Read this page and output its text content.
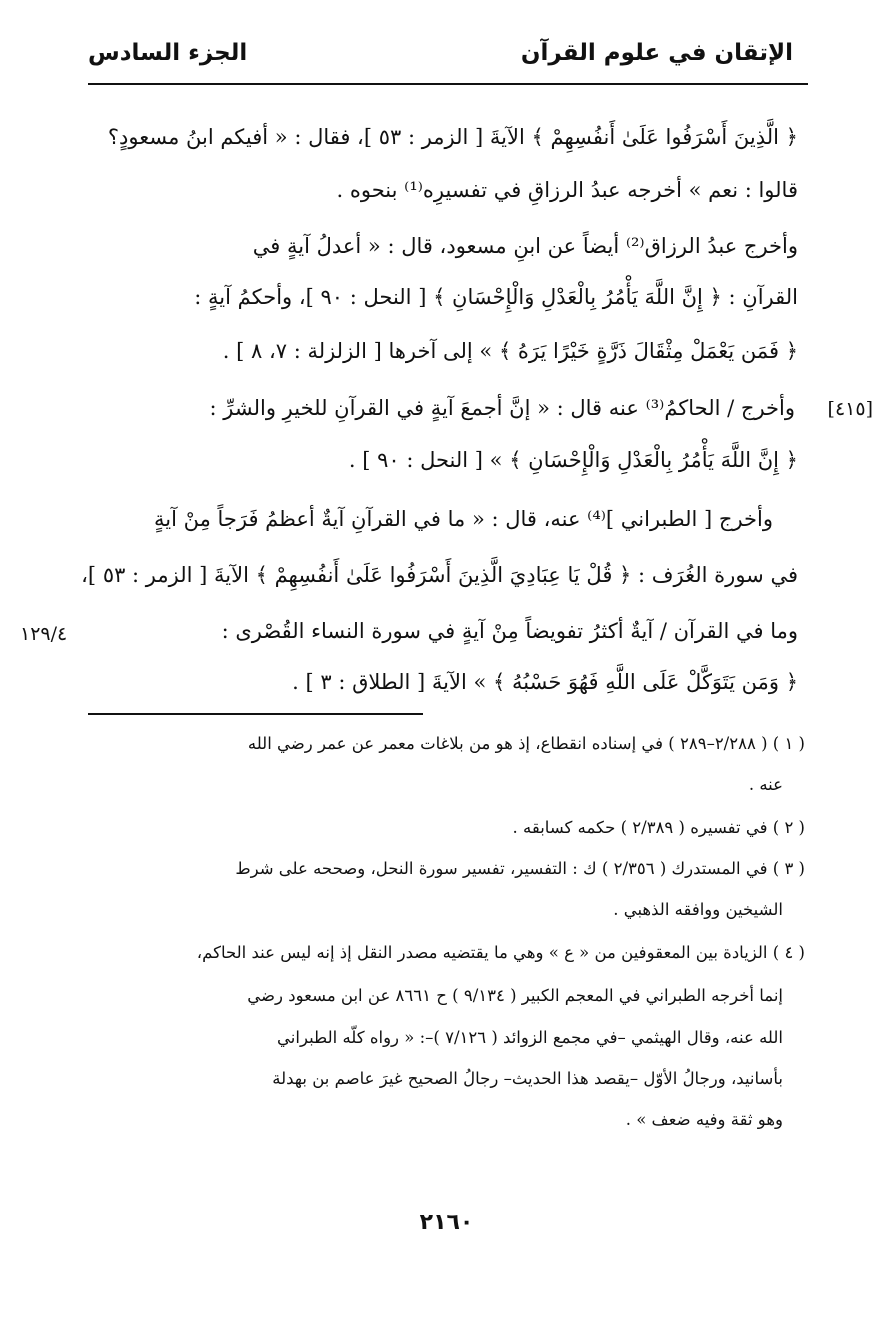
الإتقان في علوم القرآن
الجزء السادس
﴿ الَّذِينَ أَسْرَفُوا عَلَىٰ أَنفُسِهِمْ ﴾ الآيةَ [ الزمر : ٥٣ ]، فقال : « أفيكم ابنُ مسعودٍ؟
قالوا : نعم » أخرجه عبدُ الرزاقِ في تفسيرِه⁽¹⁾ بنحوه .
وأخرج عبدُ الرزاق⁽²⁾ أيضاً عن ابنِ مسعود، قال : « أعدلُ آيةٍ في
القرآنِ : ﴿ إِنَّ اللَّهَ يَأْمُرُ بِالْعَدْلِ وَالْإِحْسَانِ ﴾ [ النحل : ٩٠ ]، وأحكمُ آيةٍ :
﴿ فَمَن يَعْمَلْ مِثْقَالَ ذَرَّةٍ خَيْرًا يَرَهُ ﴾ » إلى آخرها [ الزلزلة : ٧، ٨ ] .
وأخرج / الحاكمُ⁽³⁾ عنه قال : « إنَّ أجمعَ آيةٍ في القرآنِ للخيرِ والشرِّ :
﴿ إِنَّ اللَّهَ يَأْمُرُ بِالْعَدْلِ وَالْإِحْسَانِ ﴾ » [ النحل : ٩٠ ] .
وأخرج [ الطبراني ]⁽⁴⁾ عنه، قال : « ما في القرآنِ آيةٌ أعظمُ فَرَجاً مِنْ آيةٍ
في سورة الغُرَف : ﴿ قُلْ يَا عِبَادِيَ الَّذِينَ أَسْرَفُوا عَلَىٰ أَنفُسِهِمْ ﴾ الآيةَ [ الزمر : ٥٣ ]،
وما في القرآن / آيةٌ أكثرُ تفويضاً مِنْ آيةٍ في سورة النساء القُصْرى :
﴿ وَمَن يَتَوَكَّلْ عَلَى اللَّهِ فَهُوَ حَسْبُهُ ﴾ » الآيةَ [ الطلاق : ٣ ] .
[٤١٥]
١٢٩/٤
( ١ ) ( ٢/٢٨٨–٢٨٩ ) في إسناده انقطاع، إذ هو من بلاغات معمر عن عمر رضي الله
عنه .
( ٢ ) في تفسيره ( ٢/٣٨٩ ) حكمه كسابقه .
( ٣ ) في المستدرك ( ٢/٣٥٦ ) ك : التفسير، تفسير سورة النحل، وصححه على شرط
الشيخين ووافقه الذهبي .
( ٤ ) الزيادة بين المعقوفين من « ع » وهي ما يقتضيه مصدر النقل إذ إنه ليس عند الحاكم،
إنما أخرجه الطبراني في المعجم الكبير ( ٩/١٣٤ ) ح ٨٦٦١ عن ابن مسعود رضي
الله عنه، وقال الهيثمي –في مجمع الزوائد ( ٧/١٢٦ )–: « رواه كلّه الطبراني
بأسانيد، ورجالُ الأوّل –يقصد هذا الحديث– رجالُ الصحيح غيرَ عاصم بن بهدلة
وهو ثقة وفيه ضعف » .
٢١٦٠
